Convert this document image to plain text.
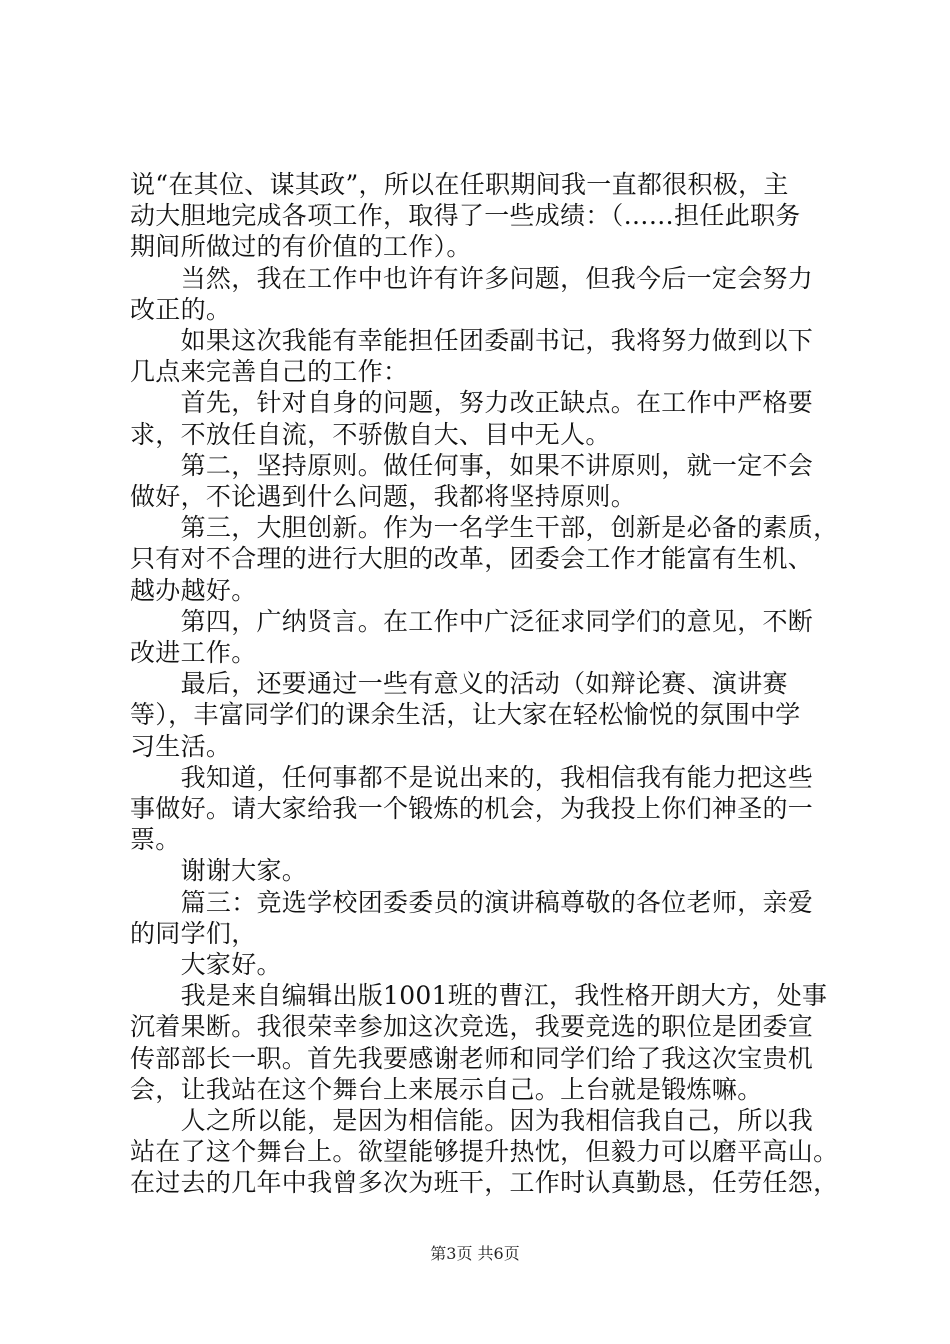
说“在其位、谋其政”，所以在任职期间我一直都很积极，主
动大胆地完成各项工作，取得了一些成绩：（……担任此职务
期间所做过的有价值的工作）。
　　当然，我在工作中也许有许多问题，但我今后一定会努力
改正的。
　　如果这次我能有幸能担任团委副书记，我将努力做到以下
几点来完善自己的工作：
　　首先，针对自身的问题，努力改正缺点。在工作中严格要
求，不放任自流，不骄傲自大、目中无人。
　　第二，坚持原则。做任何事，如果不讲原则，就一定不会
做好，不论遇到什么问题，我都将坚持原则。
　　第三，大胆创新。作为一名学生干部，创新是必备的素质，
只有对不合理的进行大胆的改革，团委会工作才能富有生机、
越办越好。
　　第四，广纳贤言。在工作中广泛征求同学们的意见，不断
改进工作。
　　最后，还要通过一些有意义的活动（如辩论赛、演讲赛
等），丰富同学们的课余生活，让大家在轻松愉悦的氛围中学
习生活。
　　我知道，任何事都不是说出来的，我相信我有能力把这些
事做好。请大家给我一个锻炼的机会，为我投上你们神圣的一
票。
　　谢谢大家。
　　篇三：竞选学校团委委员的演讲稿尊敬的各位老师，亲爱
的同学们，
　　大家好。
　　我是来自编辑出版1001班的曹江，我性格开朗大方，处事
沉着果断。我很荣幸参加这次竞选，我要竞选的职位是团委宣
传部部长一职。首先我要感谢老师和同学们给了我这次宝贵机
会，让我站在这个舞台上来展示自己。上台就是锻炼嘛。
　　人之所以能，是因为相信能。因为我相信我自己，所以我
站在了这个舞台上。欲望能够提升热忱，但毅力可以磨平高山。
在过去的几年中我曾多次为班干，工作时认真勤恳，任劳任怨，
第3页 共6页
